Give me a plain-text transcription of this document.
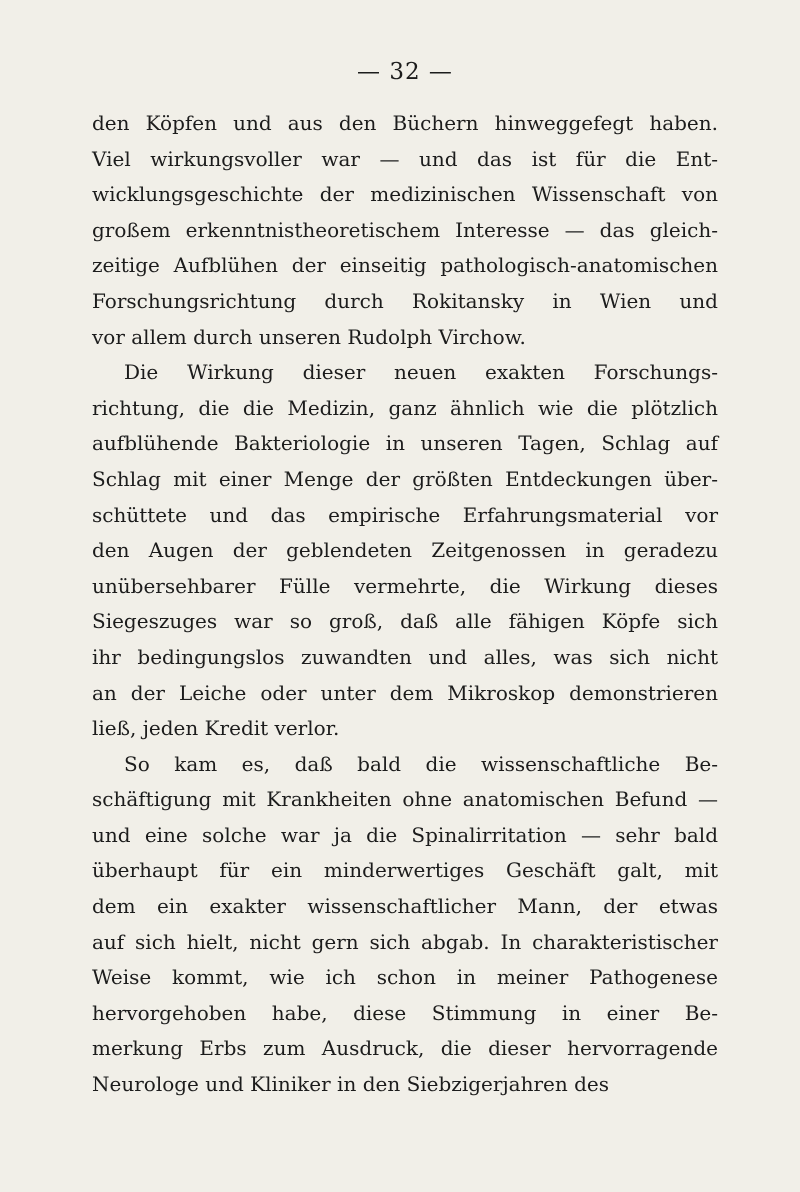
— 32 —

den Köpfen und aus den Büchern hinweggefegt haben.
Viel wirkungsvoller war — und das ist für die Ent-
wicklungsgeschichte der medizinischen Wissenschaft von
großem erkenntnistheoretischem Interesse — das gleich-
zeitige Aufblühen der einseitig pathologisch-anatomischen
Forschungsrichtung durch Rokitansky in Wien und
vor allem durch unseren Rudolph Virchow.

Die Wirkung dieser neuen exakten Forschungs-
richtung, die die Medizin, ganz ähnlich wie die plötzlich
aufblühende Bakteriologie in unseren Tagen, Schlag auf
Schlag mit einer Menge der größten Entdeckungen über-
schüttete und das empirische Erfahrungsmaterial vor
den Augen der geblendeten Zeitgenossen in geradezu
unübersehbarer Fülle vermehrte, die Wirkung dieses
Siegeszuges war so groß, daß alle fähigen Köpfe sich
ihr bedingungslos zuwandten und alles, was sich nicht
an der Leiche oder unter dem Mikroskop demonstrieren
ließ, jeden Kredit verlor.

So kam es, daß bald die wissenschaftliche Be-
schäftigung mit Krankheiten ohne anatomischen Befund —
und eine solche war ja die Spinalirritation — sehr bald
überhaupt für ein minderwertiges Geschäft galt, mit
dem ein exakter wissenschaftlicher Mann, der etwas
auf sich hielt, nicht gern sich abgab. In charakteristischer
Weise kommt, wie ich schon in meiner Pathogenese
hervorgehoben habe, diese Stimmung in einer Be-
merkung Erbs zum Ausdruck, die dieser hervorragende
Neurologe und Kliniker in den Siebzigerjahren des
